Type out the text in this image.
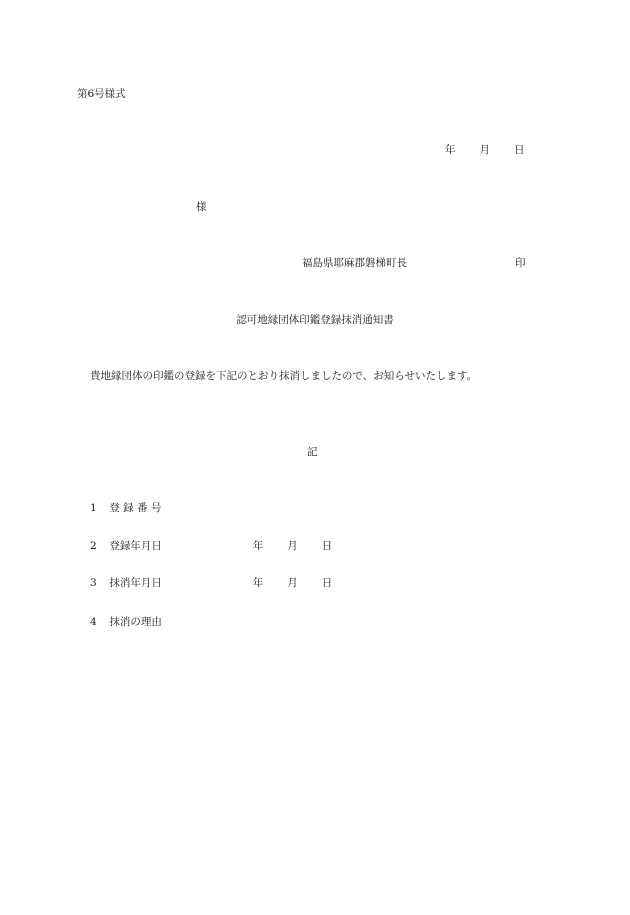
第6号様式
年 月 日
様
福島県耶麻郡磐梯町長	印
認可地縁団体印鑑登録抹消通知書
貴地縁団体の印鑑の登録を下記のとおり抹消しましたので、お知らせいたします。
記
1 登 録 番 号
2 登録年月日	年 月 日
3 抹消年月日	年 月 日
4 抹消の理由
